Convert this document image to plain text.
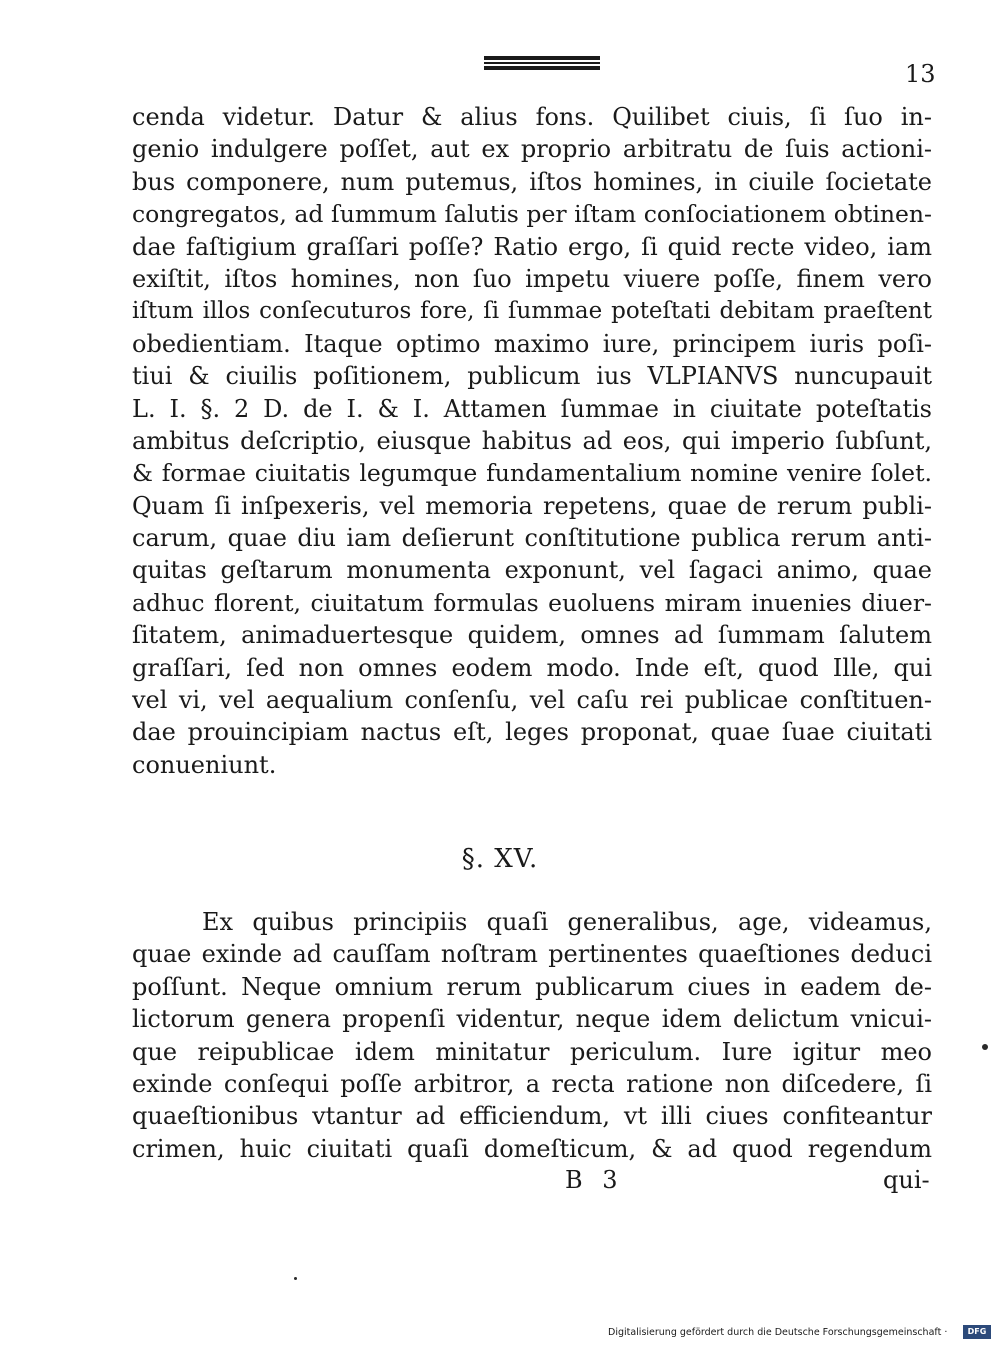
13
cenda videtur. Datur & alius fons. Quilibet ciuis, ſi ſuo in-
genio indulgere poſſet, aut ex proprio arbitratu de ſuis actioni-
bus componere, num putemus, iſtos homines, in ciuile ſocietate
congregatos, ad ſummum ſalutis per iſtam conſociationem obtinen-
dae faſtigium graſſari poſſe? Ratio ergo, ſi quid recte video, iam
exiſtit, iſtos homines, non ſuo impetu viuere poſſe, finem vero
iſtum illos conſecuturos fore, ſi ſummae poteſtati debitam praeſtent
obedientiam. Itaque optimo maximo iure, principem iuris poſi-
tiui & ciuilis poſitionem, publicum ius VLPIANVS nuncupauit
L. I. §. 2 D. de I. & I. Attamen ſummae in ciuitate poteſtatis
ambitus deſcriptio, eiusque habitus ad eos, qui imperio ſubſunt,
& formae ciuitatis legumque fundamentalium nomine venire ſolet.
Quam ſi inſpexeris, vel memoria repetens, quae de rerum publi-
carum, quae diu iam deſierunt conſtitutione publica rerum anti-
quitas geſtarum monumenta exponunt, vel ſagaci animo, quae
adhuc florent, ciuitatum formulas euoluens miram inuenies diuer-
ſitatem, animaduertesque quidem, omnes ad ſummam ſalutem
graſſari, ſed non omnes eodem modo. Inde eſt, quod Ille, qui
vel vi, vel aequalium conſenſu, vel caſu rei publicae conſtituen-
dae prouincipiam nactus eſt, leges proponat, quae ſuae ciuitati
conueniunt.
§. XV.
Ex quibus principiis quaſi generalibus, age, videamus,
quae exinde ad cauſſam noſtram pertinentes quaeſtiones deduci
poſſunt. Neque omnium rerum publicarum ciues in eadem de-
lictorum genera propenſi videntur, neque idem delictum vnicui-
que reipublicae idem minitatur periculum. Iure igitur meo
exinde conſequi poſſe arbitror, a recta ratione non diſcedere, ſi
quaeſtionibus vtantur ad efficiendum, vt illi ciues confiteantur
crimen, huic ciuitati quaſi domeſticum, & ad quod regendum
B 3	qui-
Digitalisierung gefördert durch die Deutsche Forschungsgemeinschaft ·	DFG
